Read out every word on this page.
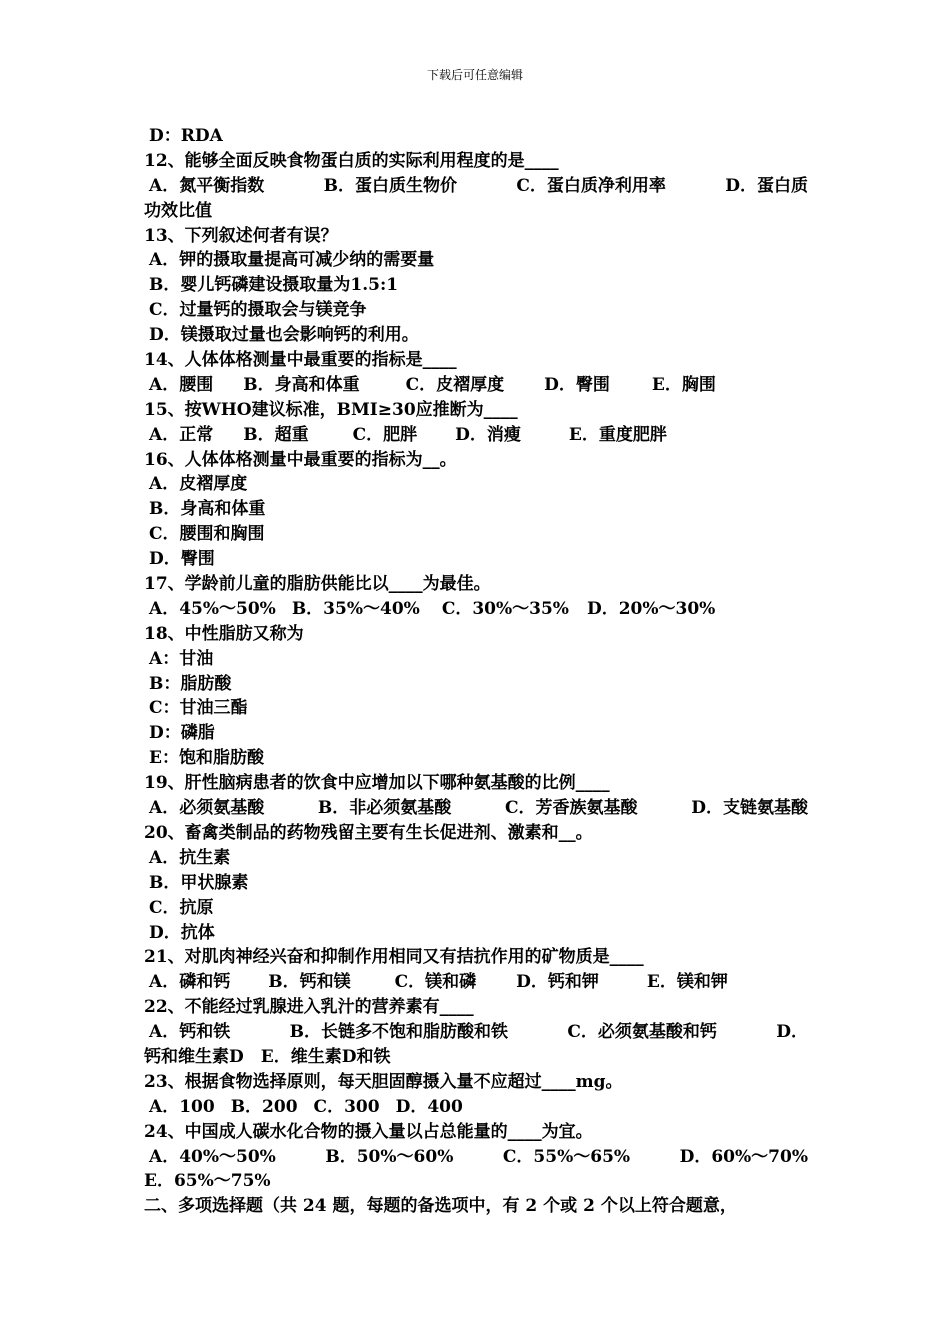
下载后可任意编辑
D：RDA
12、能够全面反映食物蛋白质的实际利用程度的是____
A．氮平衡指数	B．蛋白质生物价	C．蛋白质净利用率	D．蛋白质
功效比值
13、下列叙述何者有误？
A．钾的摄取量提高可减少纳的需要量
B．婴儿钙磷建设摄取量为1.5:1
C．过量钙的摄取会与镁竞争
D．镁摄取过量也会影响钙的利用。
14、人体体格测量中最重要的指标是____
A．腰围 B．身高和体重	C．皮褶厚度 D．臀围 E．胸围
15、按WHO建议标准，BMI≥30应推断为____
A．正常 B．超重	C．肥胖 D．消瘦	E．重度肥胖
16、人体体格测量中最重要的指标为__。
A．皮褶厚度
B．身高和体重
C．腰围和胸围
D．臀围
17、学龄前儿童的脂肪供能比以____为最佳。
A．45%～50% B．35%～40% C．30%～35% D．20%～30%
18、中性脂肪又称为
A：甘油
B：脂肪酸
C：甘油三酯
D：磷脂
E：饱和脂肪酸
19、肝性脑病患者的饮食中应增加以下哪种氨基酸的比例____
A．必须氨基酸	B．非必须氨基酸	C．芳香族氨基酸	D．支链氨基酸
20、畜禽类制品的药物残留主要有生长促进剂、激素和__。
A．抗生素
B．甲状腺素
C．抗原
D．抗体
21、对肌肉神经兴奋和抑制作用相同又有拮抗作用的矿物质是____
A．磷和钙 B．钙和镁	C．镁和磷 D．钙和钾	E．镁和钾
22、不能经过乳腺进入乳汁的营养素有____
A．钙和铁	B．长链多不饱和脂肪酸和铁	C．必须氨基酸和钙	D．
钙和维生素D　E．维生素D和铁
23、根据食物选择原则，每天胆固醇摄入量不应超过____mg。
A．100 B．200 C．300 D．400
24、中国成人碳水化合物的摄入量以占总能量的____为宜。
A．40%～50%	B．50%～60%	C．55%～65%	D．60%～70%
E．65%～75%
二、多项选择题（共 24 题，每题的备选项中，有 2 个或 2 个以上符合题意，
